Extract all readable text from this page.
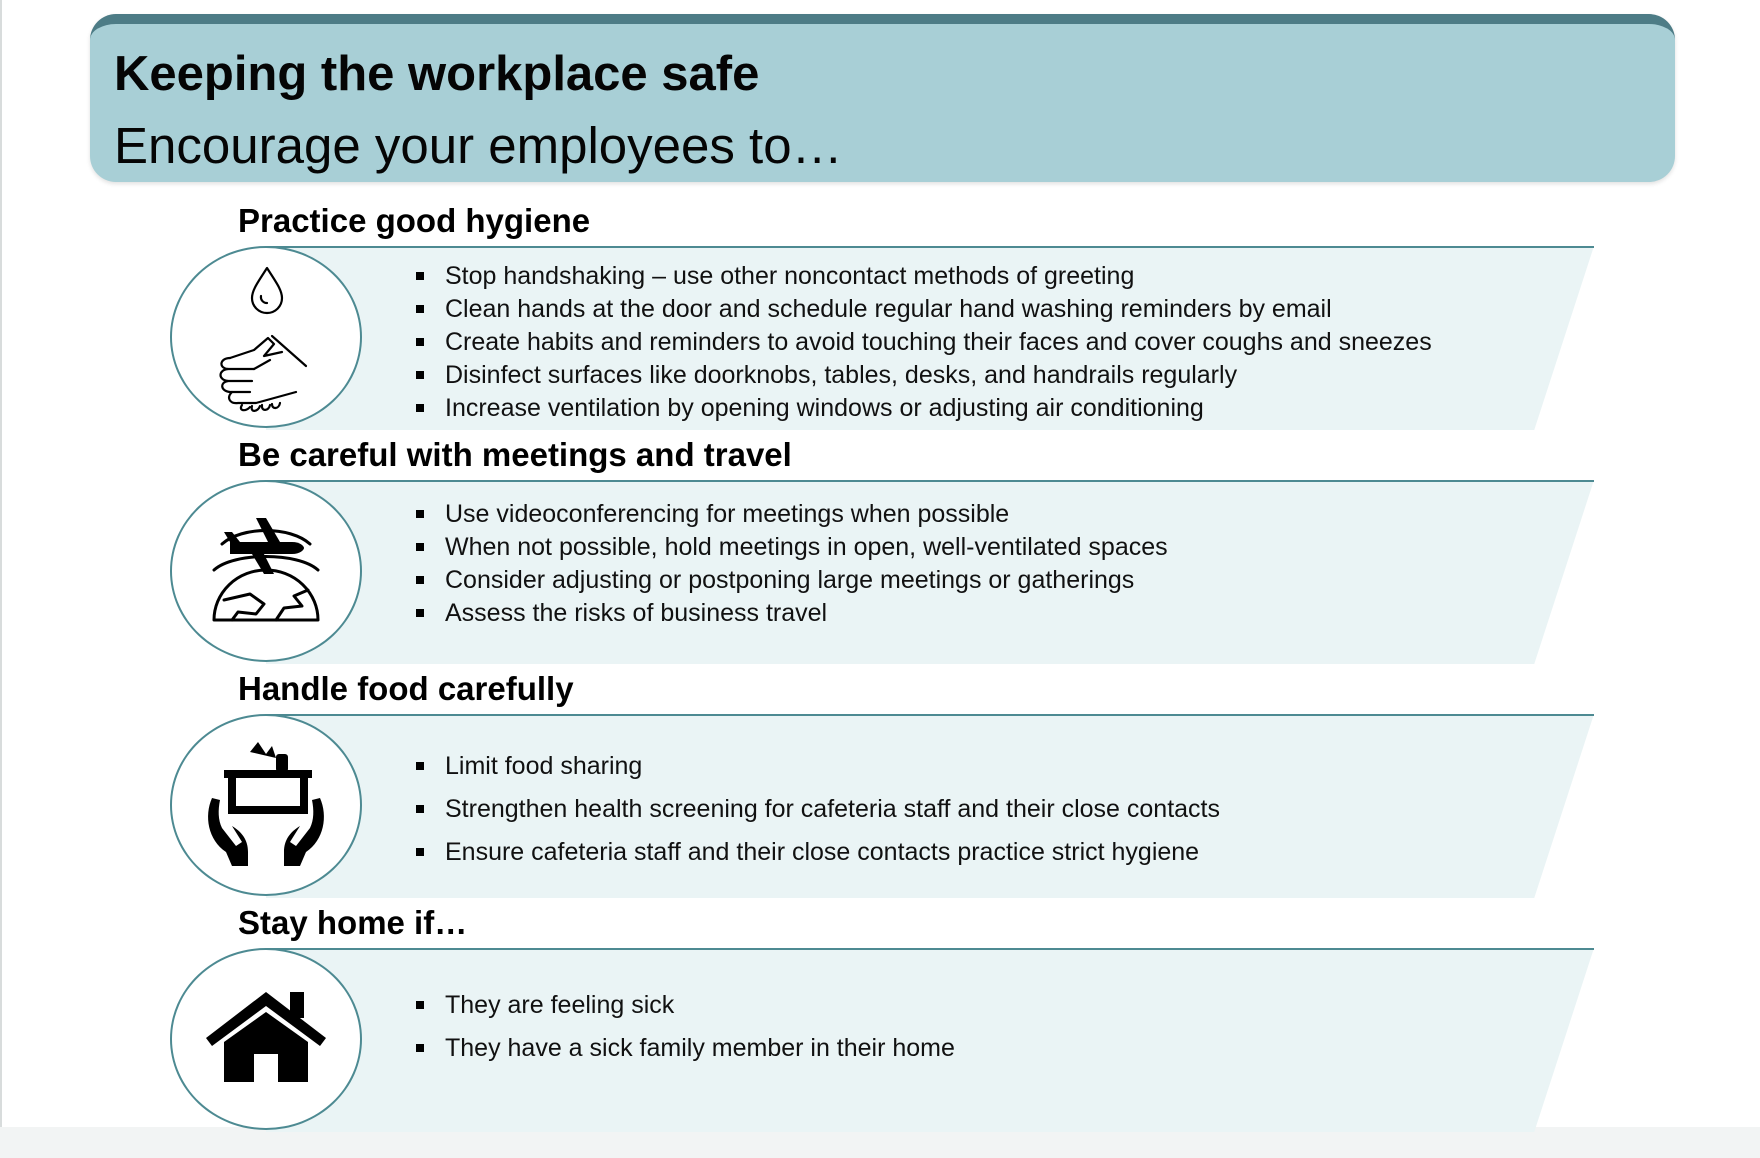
Keeping the workplace safe
Encourage your employees to…
Practice good hygiene
Stop handshaking – use other noncontact methods of greeting
Clean hands at the door and schedule regular hand washing reminders by email
Create habits and reminders to avoid touching their faces and cover coughs and sneezes
Disinfect surfaces like doorknobs, tables, desks, and handrails regularly
Increase ventilation by opening windows or adjusting air conditioning
Be careful with meetings and travel
Use videoconferencing for meetings when possible
When not possible, hold meetings in open, well-ventilated spaces
Consider adjusting or postponing large meetings or gatherings
Assess the risks of business travel
Handle food carefully
Limit food sharing
Strengthen health screening for cafeteria staff and their close contacts
Ensure cafeteria staff and their close contacts practice strict hygiene
Stay home if…
They are feeling sick
They have a sick family member in their home
